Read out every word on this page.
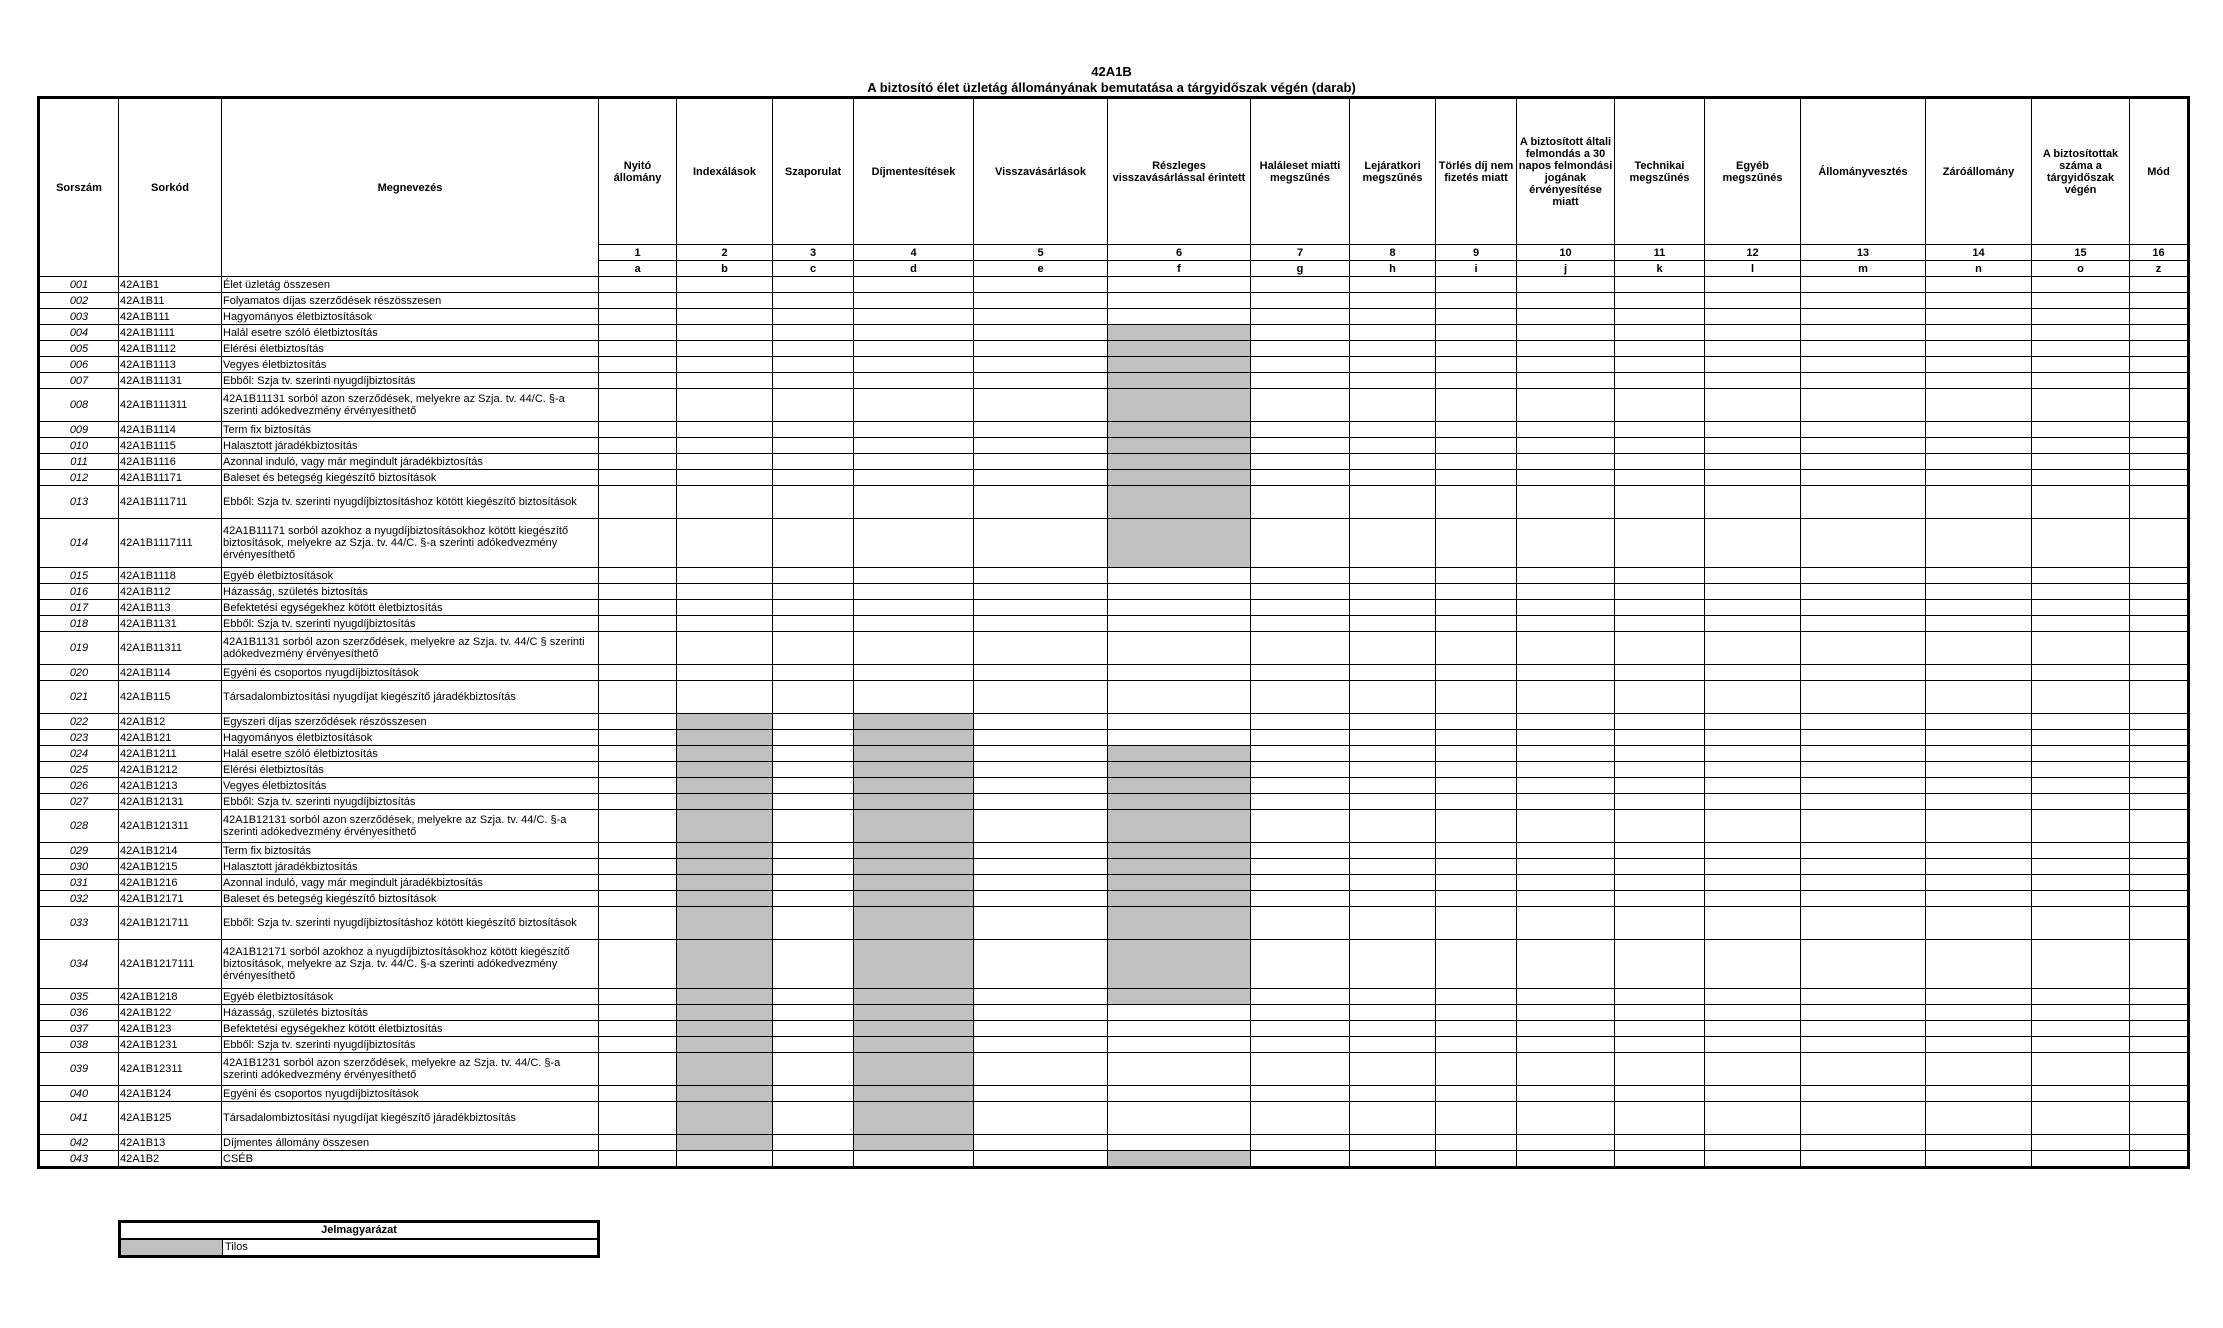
42A1B
A biztosító élet üzletág állományának bemutatása a tárgyidőszak végén (darab)
Sorszám	Sorkód	Megnevezés	Nyitó állomány	Indexálások	Szaporulat	Díjmentesítések	Visszavásárlások	Részleges visszavásárlással érintett	Haláleset miatti megszűnés	Lejáratkori megszűnés	Törlés díj nem fizetés miatt	A biztosított általi felmondás a 30 napos felmondási jogának érvényesítése miatt	Technikai megszűnés	Egyéb megszűnés	Állományvesztés	Záróállomány	A biztosítottak száma a tárgyidőszak végén	Mód
			1	2	3	4	5	6	7	8	9	10	11	12	13	14	15	16
			a	b	c	d	e	f	g	h	i	j	k	l	m	n	o	z
001	42A1B1	Élet üzletág összesen																
002	42A1B11	Folyamatos díjas szerződések részösszesen																
003	42A1B111	Hagyományos életbiztosítások																
004	42A1B1111	Halál esetre szóló életbiztosítás																
005	42A1B1112	Elérési életbiztosítás																
006	42A1B1113	Vegyes életbiztosítás																
007	42A1B11131	Ebből: Szja tv. szerinti nyugdíjbiztosítás																
008	42A1B111311	42A1B11131 sorból azon szerződések, melyekre az Szja. tv. 44/C. §-a szerinti adókedvezmény érvényesíthető																
009	42A1B1114	Term fix biztosítás																
010	42A1B1115	Halasztott járadékbiztosítás																
011	42A1B1116	Azonnal induló, vagy már megindult járadékbiztosítás																
012	42A1B11171	Baleset és betegség kiegészítő biztosítások																
013	42A1B111711	Ebből: Szja tv. szerinti nyugdíjbiztosításhoz kötött kiegészítő biztosítások																
014	42A1B1117111	42A1B11171 sorból azokhoz a nyugdíjbiztosításokhoz kötött kiegészítő biztosítások, melyekre az Szja. tv. 44/C. §-a szerinti adókedvezmény érvényesíthető																
015	42A1B1118	Egyéb életbiztosítások																
016	42A1B112	Házasság, születés biztosítás																
017	42A1B113	Befektetési egységekhez kötött életbiztosítás																
018	42A1B1131	Ebből: Szja tv. szerinti nyugdíjbiztosítás																
019	42A1B11311	42A1B1131 sorból azon szerződések, melyekre az Szja. tv. 44/C § szerinti adókedvezmény érvényesíthető																
020	42A1B114	Egyéni és csoportos nyugdíjbiztosítások																
021	42A1B115	Társadalombiztosítási nyugdíjat kiegészítő járadékbiztosítás																
022	42A1B12	Egyszeri díjas szerződések részösszesen																
023	42A1B121	Hagyományos életbiztosítások																
024	42A1B1211	Halál esetre szóló életbiztosítás																
025	42A1B1212	Elérési életbiztosítás																
026	42A1B1213	Vegyes életbiztosítás																
027	42A1B12131	Ebből: Szja tv. szerinti nyugdíjbiztosítás																
028	42A1B121311	42A1B12131 sorból azon szerződések, melyekre az Szja. tv. 44/C. §-a szerinti adókedvezmény érvényesíthető																
029	42A1B1214	Term fix biztosítás																
030	42A1B1215	Halasztott járadékbiztosítás																
031	42A1B1216	Azonnal induló, vagy már megindult járadékbiztosítás																
032	42A1B12171	Baleset és betegség kiegészítő biztosítások																
033	42A1B121711	Ebből: Szja tv. szerinti nyugdíjbiztosításhoz kötött kiegészítő biztosítások																
034	42A1B1217111	42A1B12171 sorból azokhoz a nyugdíjbiztosításokhoz kötött kiegészítő biztosítások, melyekre az Szja. tv. 44/C. §-a szerinti adókedvezmény érvényesíthető																
035	42A1B1218	Egyéb életbiztosítások																
036	42A1B122	Házasság, születés biztosítás																
037	42A1B123	Befektetési egységekhez kötött életbiztosítás																
038	42A1B1231	Ebből: Szja tv. szerinti nyugdíjbiztosítás																
039	42A1B12311	42A1B1231 sorból azon szerződések, melyekre az Szja. tv. 44/C. §-a szerinti adókedvezmény érvényesíthető																
040	42A1B124	Egyéni és csoportos nyugdíjbiztosítások																
041	42A1B125	Társadalombiztosítási nyugdíjat kiegészítő járadékbiztosítás																
042	42A1B13	Díjmentes állomány összesen																
043	42A1B2	CSÉB																
Jelmagyarázat
	Tilos
